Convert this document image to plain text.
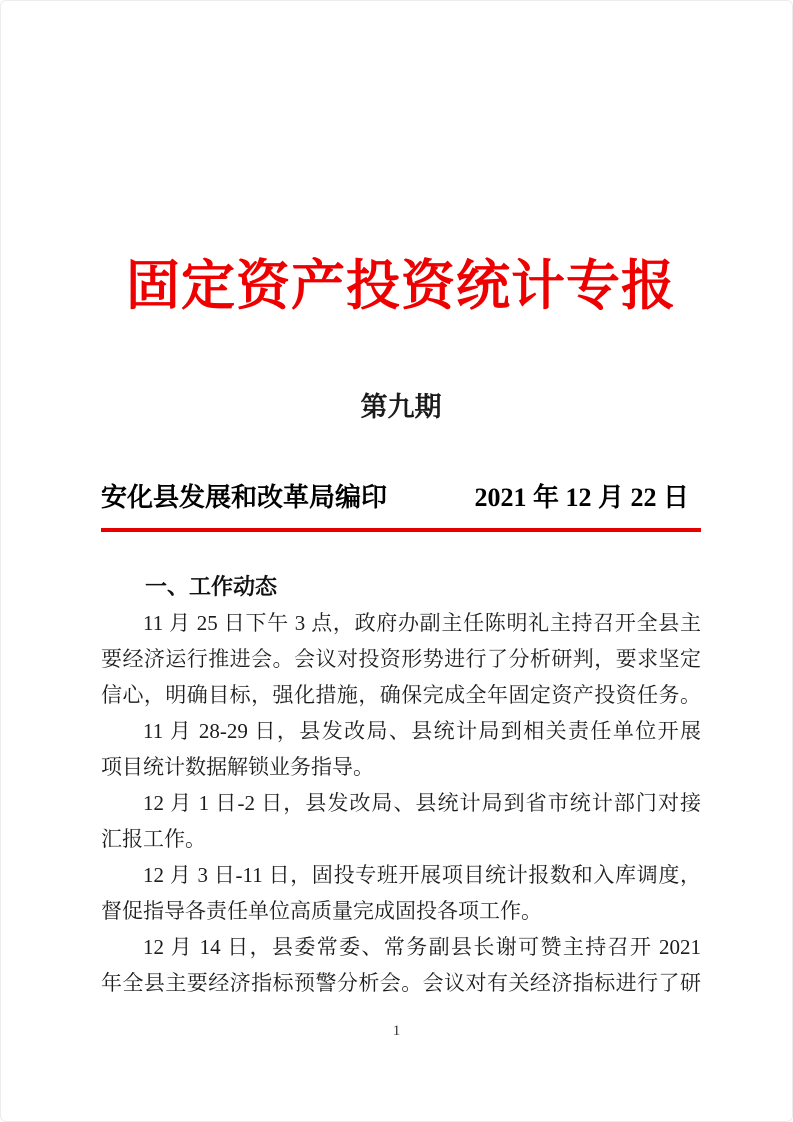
固定资产投资统计专报
第九期
安化县发展和改革局编印	2021 年 12 月 22 日
一、工作动态
11 月 25 日下午 3 点，政府办副主任陈明礼主持召开全县主
要经济运行推进会。会议对投资形势进行了分析研判，要求坚定
信心，明确目标，强化措施，确保完成全年固定资产投资任务。
11 月 28-29 日，县发改局、县统计局到相关责任单位开展
项目统计数据解锁业务指导。
12 月 1 日-2 日，县发改局、县统计局到省市统计部门对接
汇报工作。
12 月 3 日-11 日，固投专班开展项目统计报数和入库调度，
督促指导各责任单位高质量完成固投各项工作。
12 月 14 日，县委常委、常务副县长谢可赞主持召开 2021
年全县主要经济指标预警分析会。会议对有关经济指标进行了研
1
